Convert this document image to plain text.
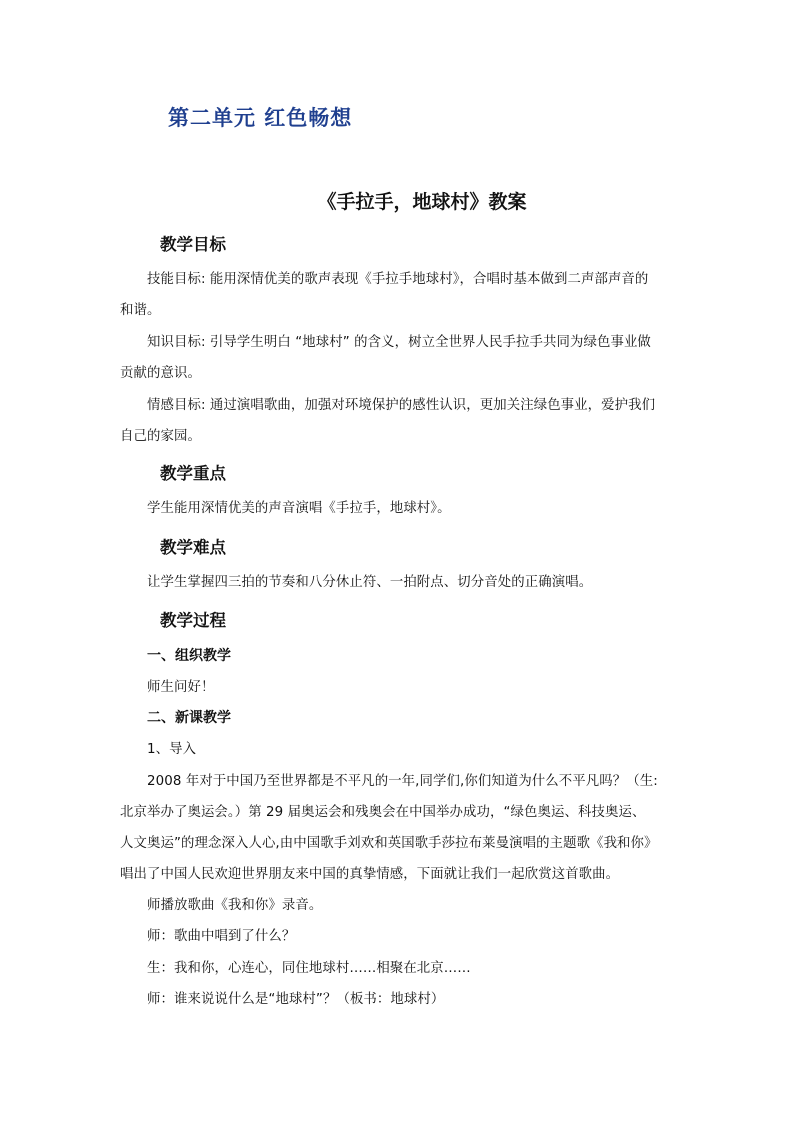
第二单元 红色畅想
《手拉手，地球村》教案
教学目标
技能目标: 能用深情优美的歌声表现《手拉手地球村》，合唱时基本做到二声部声音的
和谐。
知识目标: 引导学生明白 “地球村” 的含义，树立全世界人民手拉手共同为绿色事业做
贡献的意识。
情感目标: 通过演唱歌曲，加强对环境保护的感性认识，更加关注绿色事业，爱护我们
自己的家园。
教学重点
学生能用深情优美的声音演唱《手拉手，地球村》。
教学难点
让学生掌握四三拍的节奏和八分休止符、一拍附点、切分音处的正确演唱。
教学过程
一、组织教学
师生问好！
二、新课教学
1、导入
2008 年对于中国乃至世界都是不平凡的一年,同学们,你们知道为什么不平凡吗？（生:
北京举办了奥运会。）第 29 届奥运会和残奥会在中国举办成功，“绿色奥运、科技奥运、
人文奥运”的理念深入人心,由中国歌手刘欢和英国歌手莎拉布莱曼演唱的主题歌《我和你》
唱出了中国人民欢迎世界朋友来中国的真挚情感，下面就让我们一起欣赏这首歌曲。
师播放歌曲《我和你》录音。
师：歌曲中唱到了什么？
生：我和你，心连心，同住地球村……相聚在北京……
师：谁来说说什么是“地球村”？（板书：地球村）
